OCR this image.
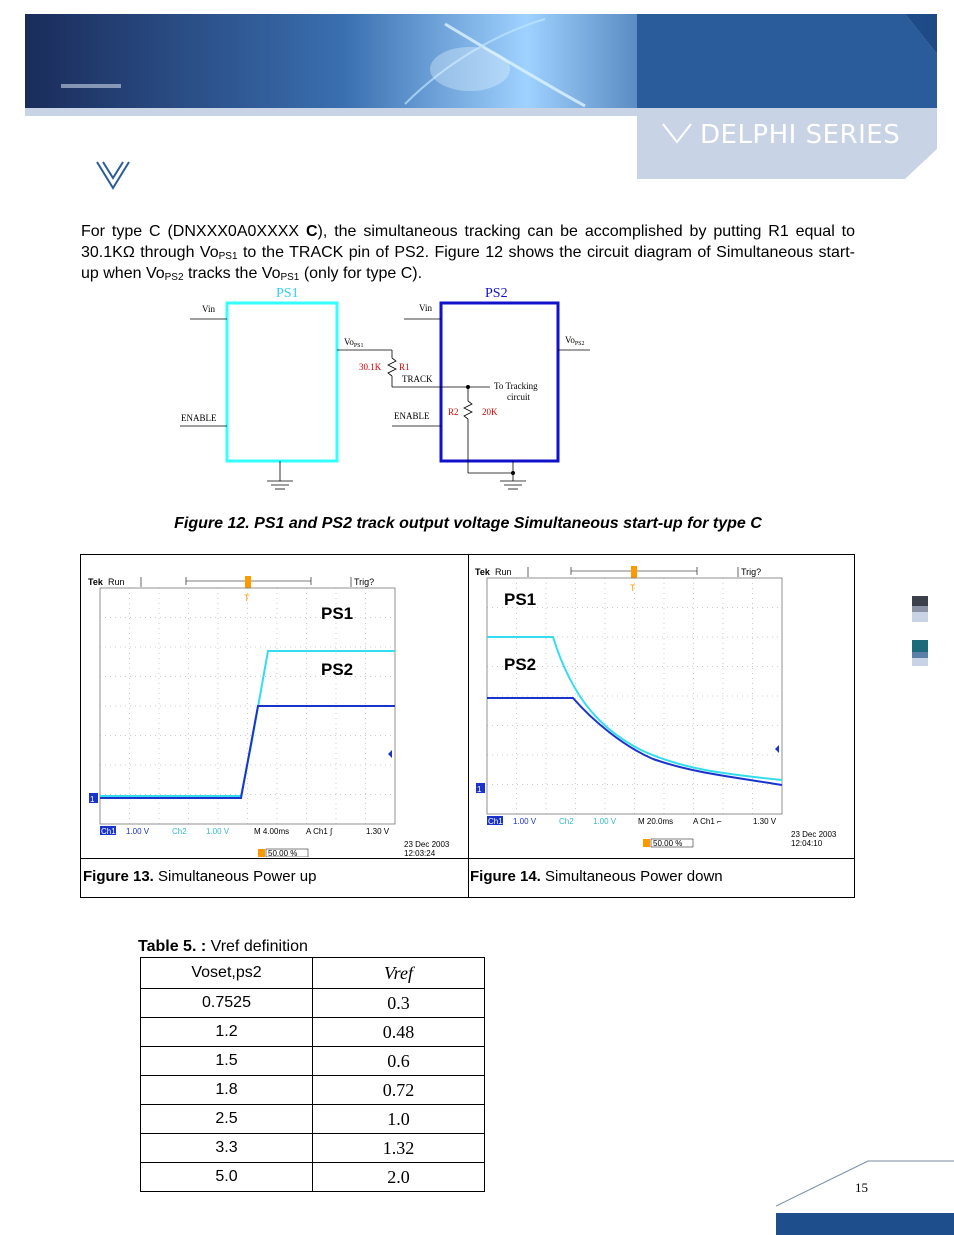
DELPHI SERIES
For type C (DNXXX0A0XXXX C), the simultaneous tracking can be accomplished by putting R1 equal to 30.1KΩ through $Vo_{PS1}$ to the TRACK pin of PS2. Figure 12 shows the circuit diagram of Simultaneous start-up when $Vo_{PS2}$ tracks the $Vo_{PS1}$ (only for type C).
PS1	PS2
Vin
ENABLE
$Vo_{PS1}$
30.1K R1
TRACK
Vin
ENABLE
$Vo_{PS2}$
To Tracking
circuit
R2	20K
Figure 12. PS1 and PS2 track output voltage Simultaneous start-up for type C
Tek Run
T
Trig?
PS1
PS2
1
Ch1 1.00 V	Ch2 1.00 V	M 4.00ms A Ch1 ∫	1.30 V
23 Dec 2003
12:03:24
50.00 %
Tek Run
T
Trig?
PS1
PS2
1
Ch1 1.00 V	Ch2 1.00 V	M 20.0ms A Ch1 ⌐	1.30 V
23 Dec 2003
12:04:10
50.00 %
Figure 13. Simultaneous Power up	Figure 14. Simultaneous Power down
Table 5. : Vref definition
Voset,ps2	Vref
0.7525	0.3
1.2	0.48
1.5	0.6
1.8	0.72
2.5	1.0
3.3	1.32
5.0	2.0
15
